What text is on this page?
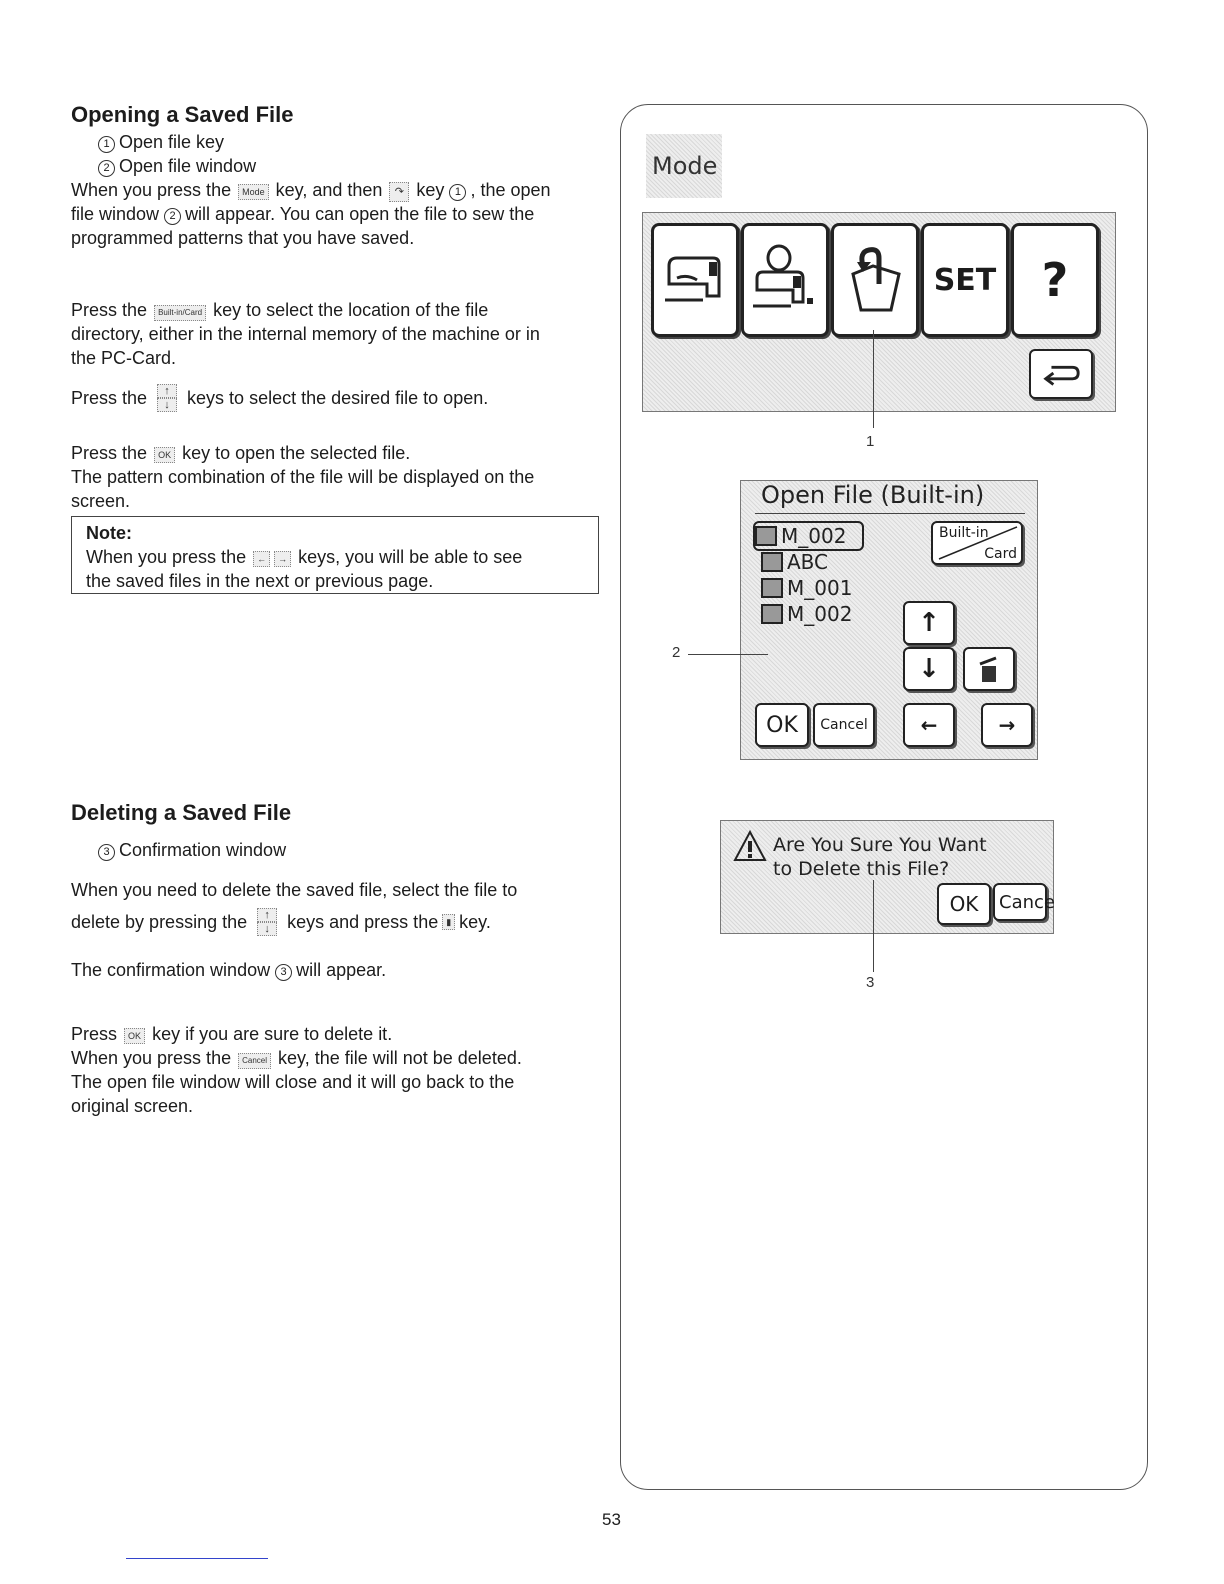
Opening a Saved File
1 Open file key
2 Open file window
When you press the Mode key, and then ↷ key 1 , the open
file window 2 will appear. You can open the file to sew the
programmed patterns that you have saved.
Press the Built-in/Card key to select the location of the file
directory, either in the internal memory of the machine or in
the PC-Card.
Press the	↑
↓ keys to select the desired file to open.
Press the OK key to open the selected file.
The pattern combination of the file will be displayed on the
screen.
Note:
When you press the ← → keys, you will be able to see
the saved files in the next or previous page.
Deleting a Saved File
3 Confirmation window
When you need to delete the saved file, select the file to
delete by pressing the	↑
↓ keys and press the ▮ key.
The confirmation window 3 will appear.
Press OK key if you are sure to delete it.
When you press the Cancel key, the file will not be deleted.
The open file window will close and it will go back to the
original screen.
Mode
SET ?
1
Open File (Built-in)
M_002
ABC
M_001
M_002
Built-in
Card
↑
↓
OK Cancel	←	→
2
Are You Sure You Want
to Delete this File?
OK Cance
3
53
